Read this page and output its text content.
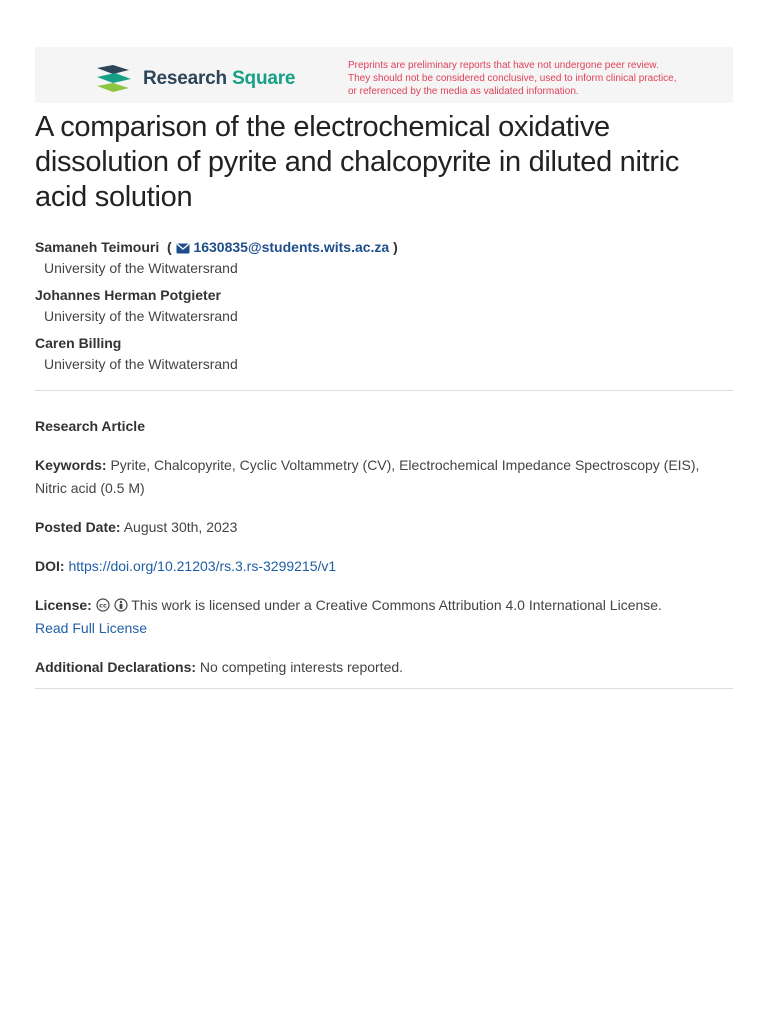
Research Square
Preprints are preliminary reports that have not undergone peer review.
They should not be considered conclusive, used to inform clinical practice,
or referenced by the media as validated information.
A comparison of the electrochemical oxidative dissolution of pyrite and chalcopyrite in diluted nitric acid solution
Samaneh Teimouri  (  1630835@students.wits.ac.za )
University of the Witwatersrand
Johannes Herman Potgieter
University of the Witwatersrand
Caren Billing
University of the Witwatersrand
Research Article
Keywords: Pyrite, Chalcopyrite, Cyclic Voltammetry (CV), Electrochemical Impedance Spectroscopy (EIS), Nitric acid (0.5 M)
Posted Date: August 30th, 2023
DOI: https://doi.org/10.21203/rs.3.rs-3299215/v1
License: cc This work is licensed under a Creative Commons Attribution 4.0 International License.
Read Full License
Additional Declarations: No competing interests reported.
